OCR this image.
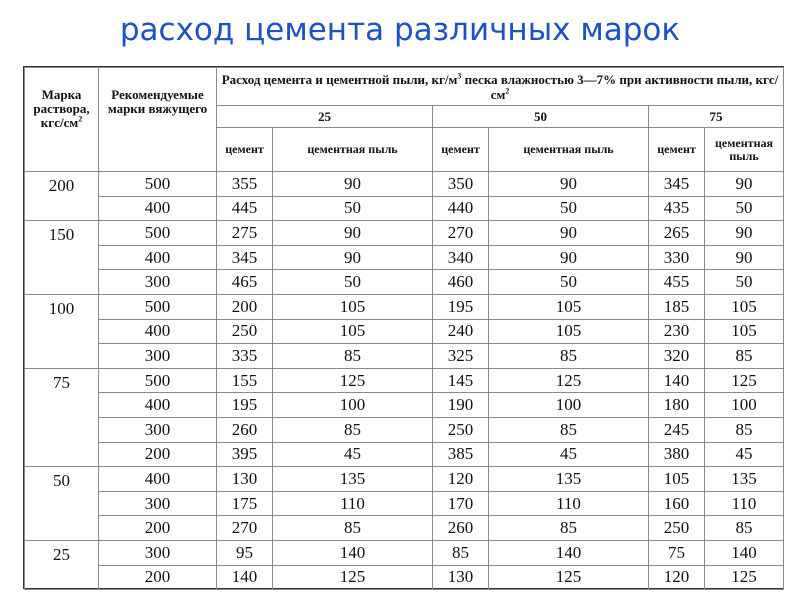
расход цемента различных марок
Марка раствора, кгс/$см^2$	Рекомендуемые марки вяжущего	Расход цемента и цементной пыли, $кг/м^3$ песка влажностью 3—7% при активности пыли, кгс/$см^2$
		25		50		75	
		цемент	цементная пыль	цемент	цементная пыль	цемент	цементная пыль
200	500	355	90	350	90	345	90
	400	445	50	440	50	435	50
150	500	275	90	270	90	265	90
	400	345	90	340	90	330	90
	300	465	50	460	50	455	50
100	500	200	105	195	105	185	105
	400	250	105	240	105	230	105
	300	335	85	325	85	320	85
75	500	155	125	145	125	140	125
	400	195	100	190	100	180	100
	300	260	85	250	85	245	85
	200	395	45	385	45	380	45
50	400	130	135	120	135	105	135
	300	175	110	170	110	160	110
	200	270	85	260	85	250	85
25	300	95	140	85	140	75	140
	200	140	125	130	125	120	125
